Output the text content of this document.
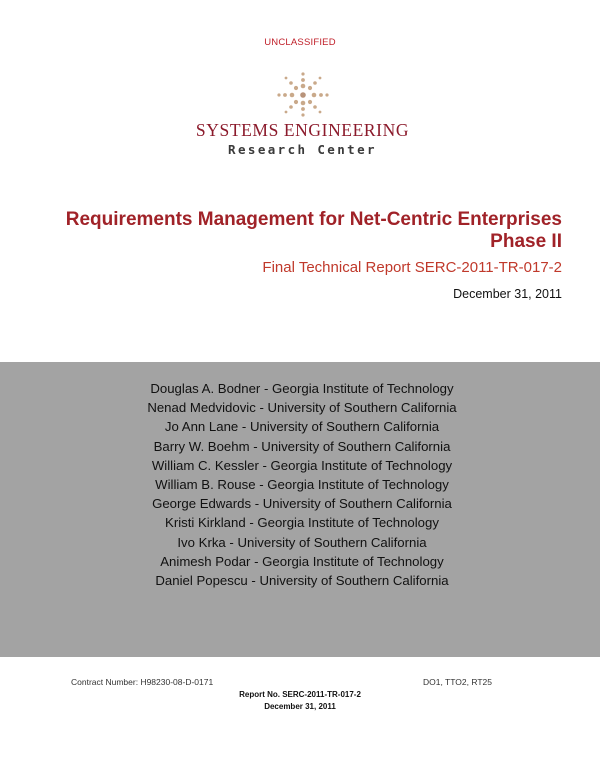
UNCLASSIFIED
SYSTEMS ENGINEERING
Research Center
Requirements Management for Net-Centric Enterprises
Phase II
Final Technical Report SERC-2011-TR-017-2
December 31, 2011
Douglas A. Bodner - Georgia Institute of Technology
Nenad Medvidovic - University of Southern California
Jo Ann Lane - University of Southern California
Barry W. Boehm - University of Southern California
William C. Kessler - Georgia Institute of Technology
William B. Rouse - Georgia Institute of Technology
George Edwards - University of Southern California
Kristi Kirkland - Georgia Institute of Technology
Ivo Krka - University of Southern California
Animesh Podar - Georgia Institute of Technology
Daniel Popescu - University of Southern California
Contract Number: H98230-08-D-0171	DO1, TTO2, RT25
Report No. SERC-2011-TR-017-2
December 31, 2011
